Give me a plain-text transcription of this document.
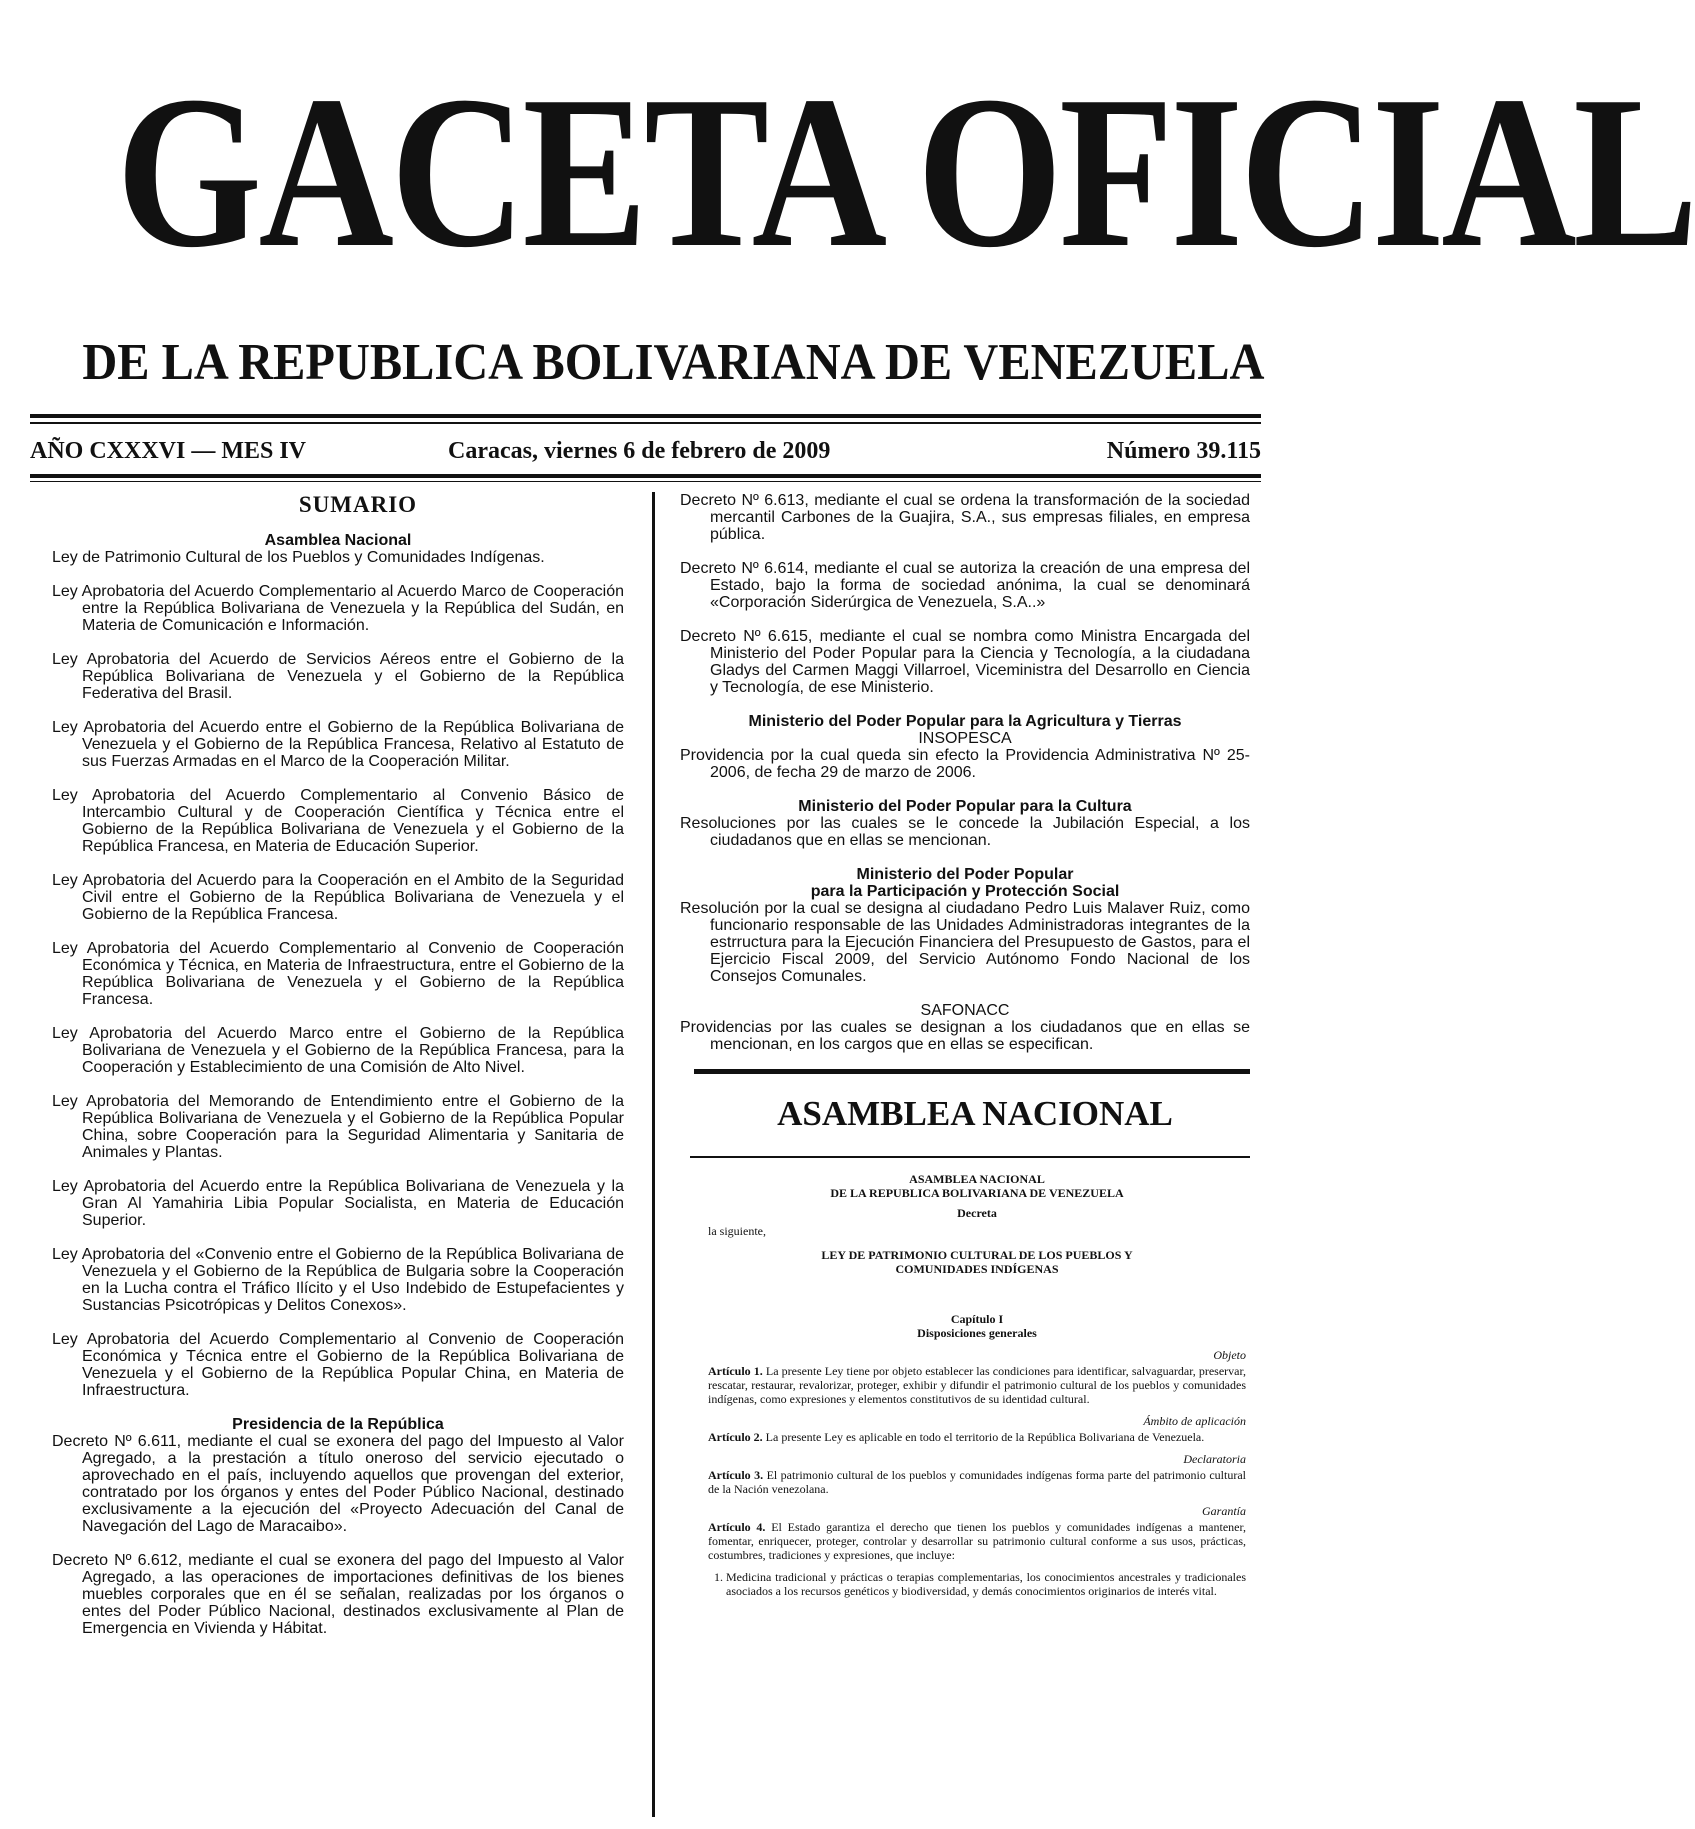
GACETA OFICIAL
DE LA REPUBLICA BOLIVARIANA DE VENEZUELA
AÑO CXXXVI — MES IV	Caracas, viernes 6 de febrero de 2009	Número 39.115
SUMARIO
Asamblea Nacional
Ley de Patrimonio Cultural de los Pueblos y Comunidades Indígenas.
Ley Aprobatoria del Acuerdo Complementario al Acuerdo Marco de Cooperación entre la República Bolivariana de Venezuela y la República del Sudán, en Materia de Comunicación e Información.
Ley Aprobatoria del Acuerdo de Servicios Aéreos entre el Gobierno de la República Bolivariana de Venezuela y el Gobierno de la República Federativa del Brasil.
Ley Aprobatoria del Acuerdo entre el Gobierno de la República Bolivariana de Venezuela y el Gobierno de la República Francesa, Relativo al Estatuto de sus Fuerzas Armadas en el Marco de la Cooperación Militar.
Ley Aprobatoria del Acuerdo Complementario al Convenio Básico de Intercambio Cultural y de Cooperación Científica y Técnica entre el Gobierno de la República Bolivariana de Venezuela y el Gobierno de la República Francesa, en Materia de Educación Superior.
Ley Aprobatoria del Acuerdo para la Cooperación en el Ambito de la Seguridad Civil entre el Gobierno de la República Bolivariana de Venezuela y el Gobierno de la República Francesa.
Ley Aprobatoria del Acuerdo Complementario al Convenio de Cooperación Económica y Técnica, en Materia de Infraestructura, entre el Gobierno de la República Bolivariana de Venezuela y el Gobierno de la República Francesa.
Ley Aprobatoria del Acuerdo Marco entre el Gobierno de la República Bolivariana de Venezuela y el Gobierno de la República Francesa, para la Cooperación y Establecimiento de una Comisión de Alto Nivel.
Ley Aprobatoria del Memorando de Entendimiento entre el Gobierno de la República Bolivariana de Venezuela y el Gobierno de la República Popular China, sobre Cooperación para la Seguridad Alimentaria y Sanitaria de Animales y Plantas.
Ley Aprobatoria del Acuerdo entre la República Bolivariana de Venezuela y la Gran Al Yamahiria Libia Popular Socialista, en Materia de Educación Superior.
Ley Aprobatoria del «Convenio entre el Gobierno de la República Bolivariana de Venezuela y el Gobierno de la República de Bulgaria sobre la Cooperación en la Lucha contra el Tráfico Ilícito y el Uso Indebido de Estupefacientes y Sustancias Psicotrópicas y Delitos Conexos».
Ley Aprobatoria del Acuerdo Complementario al Convenio de Cooperación Económica y Técnica entre el Gobierno de la República Bolivariana de Venezuela y el Gobierno de la República Popular China, en Materia de Infraestructura.
Presidencia de la República
Decreto Nº 6.611, mediante el cual se exonera del pago del Impuesto al Valor Agregado, a la prestación a título oneroso del servicio ejecutado o aprovechado en el país, incluyendo aquellos que provengan del exterior, contratado por los órganos y entes del Poder Público Nacional, destinado exclusivamente a la ejecución del «Proyecto Adecuación del Canal de Navegación del Lago de Maracaibo».
Decreto Nº 6.612, mediante el cual se exonera del pago del Impuesto al Valor Agregado, a las operaciones de importaciones definitivas de los bienes muebles corporales que en él se señalan, realizadas por los órganos o entes del Poder Público Nacional, destinados exclusivamente al Plan de Emergencia en Vivienda y Hábitat.
Decreto Nº 6.613, mediante el cual se ordena la transformación de la sociedad mercantil Carbones de la Guajira, S.A., sus empresas filiales, en empresa pública.
Decreto Nº 6.614, mediante el cual se autoriza la creación de una empresa del Estado, bajo la forma de sociedad anónima, la cual se denominará «Corporación Siderúrgica de Venezuela, S.A..»
Decreto Nº 6.615, mediante el cual se nombra como Ministra Encargada del Ministerio del Poder Popular para la Ciencia y Tecnología, a la ciudadana Gladys del Carmen Maggi Villarroel, Viceministra del Desarrollo en Ciencia y Tecnología, de ese Ministerio.
Ministerio del Poder Popular para la Agricultura y Tierras
INSOPESCA
Providencia por la cual queda sin efecto la Providencia Administrativa Nº 25-2006, de fecha 29 de marzo de 2006.
Ministerio del Poder Popular para la Cultura
Resoluciones por las cuales se le concede la Jubilación Especial, a los ciudadanos que en ellas se mencionan.
Ministerio del Poder Popular
para la Participación y Protección Social
Resolución por la cual se designa al ciudadano Pedro Luis Malaver Ruiz, como funcionario responsable de las Unidades Administradoras integrantes de la estrructura para la Ejecución Financiera del Presupuesto de Gastos, para el Ejercicio Fiscal 2009, del Servicio Autónomo Fondo Nacional de los Consejos Comunales.
SAFONACC
Providencias por las cuales se designan a los ciudadanos que en ellas se mencionan, en los cargos que en ellas se especifican.
ASAMBLEA NACIONAL
ASAMBLEA NACIONAL
DE LA REPUBLICA BOLIVARIANA DE VENEZUELA
Decreta
la siguiente,
LEY DE PATRIMONIO CULTURAL DE LOS PUEBLOS Y
COMUNIDADES INDÍGENAS
Capítulo I
Disposiciones generales
Objeto

Artículo 1. La presente Ley tiene por objeto establecer las condiciones para identificar, salvaguardar, preservar, rescatar, restaurar, revalorizar, proteger, exhibir y difundir el patrimonio cultural de los pueblos y comunidades indígenas, como expresiones y elementos constitutivos de su identidad cultural.

Ámbito de aplicación

Artículo 2. La presente Ley es aplicable en todo el territorio de la República Bolivariana de Venezuela.

Declaratoria

Artículo 3. El patrimonio cultural de los pueblos y comunidades indígenas forma parte del patrimonio cultural de la Nación venezolana.

Garantía

Artículo 4. El Estado garantiza el derecho que tienen los pueblos y comunidades indígenas a mantener, fomentar, enriquecer, proteger, controlar y desarrollar su patrimonio cultural conforme a sus usos, prácticas, costumbres, tradiciones y expresiones, que incluye:

1. Medicina tradicional y prácticas o terapias complementarias, los conocimientos ancestrales y tradicionales asociados a los recursos genéticos y biodiversidad, y demás conocimientos originarios de interés vital.
